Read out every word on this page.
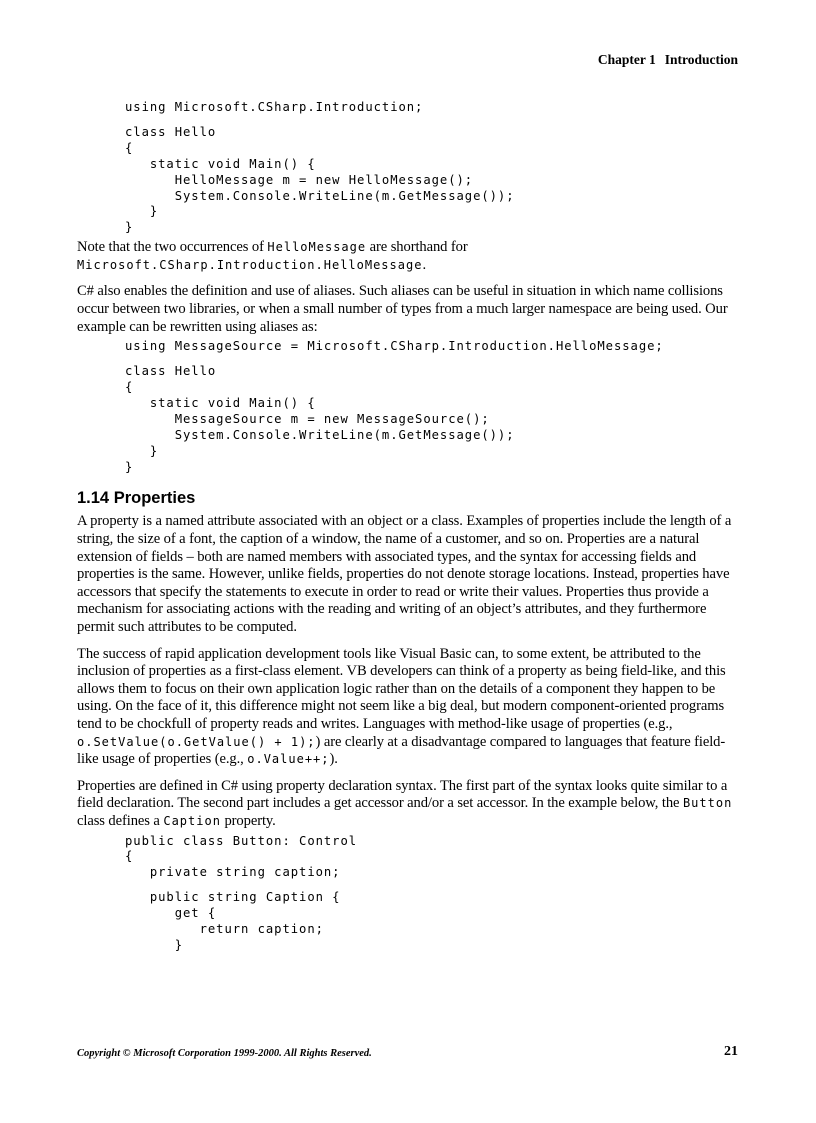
Chapter 1 Introduction
using Microsoft.CSharp.Introduction;
class Hello
{
static void Main() {
HelloMessage m = new HelloMessage();
System.Console.WriteLine(m.GetMessage());
}
}

Note that the two occurrences of HelloMessage are shorthand for
Microsoft.CSharp.Introduction.HelloMessage.

C# also enables the definition and use of aliases. Such aliases can be useful in situation in which name collisions occur between two libraries, or when a small number of types from a much larger namespace are being used. Our example can be rewritten using aliases as:

using MessageSource = Microsoft.CSharp.Introduction.HelloMessage;
class Hello
{
static void Main() {
MessageSource m = new MessageSource();
System.Console.WriteLine(m.GetMessage());
}
}
1.14 Properties

A property is a named attribute associated with an object or a class. Examples of properties include the length of a string, the size of a font, the caption of a window, the name of a customer, and so on. Properties are a natural extension of fields – both are named members with associated types, and the syntax for accessing fields and properties is the same. However, unlike fields, properties do not denote storage locations. Instead, properties have accessors that specify the statements to execute in order to read or write their values. Properties thus provide a mechanism for associating actions with the reading and writing of an object’s attributes, and they furthermore permit such attributes to be computed.

The success of rapid application development tools like Visual Basic can, to some extent, be attributed to the inclusion of properties as a first-class element. VB developers can think of a property as being field-like, and this allows them to focus on their own application logic rather than on the details of a component they happen to be using. On the face of it, this difference might not seem like a big deal, but modern component-oriented programs tend to be chockfull of property reads and writes. Languages with method-like usage of properties (e.g., o.SetValue(o.GetValue() + 1);) are clearly at a disadvantage compared to languages that feature field-like usage of properties (e.g., o.Value++;).

Properties are defined in C# using property declaration syntax. The first part of the syntax looks quite similar to a field declaration. The second part includes a get accessor and/or a set accessor. In the example below, the Button class defines a Caption property.

public class Button: Control
{
private string caption;
public string Caption {
get {
return caption;
}
Copyright © Microsoft Corporation 1999-2000. All Rights Reserved.	21
